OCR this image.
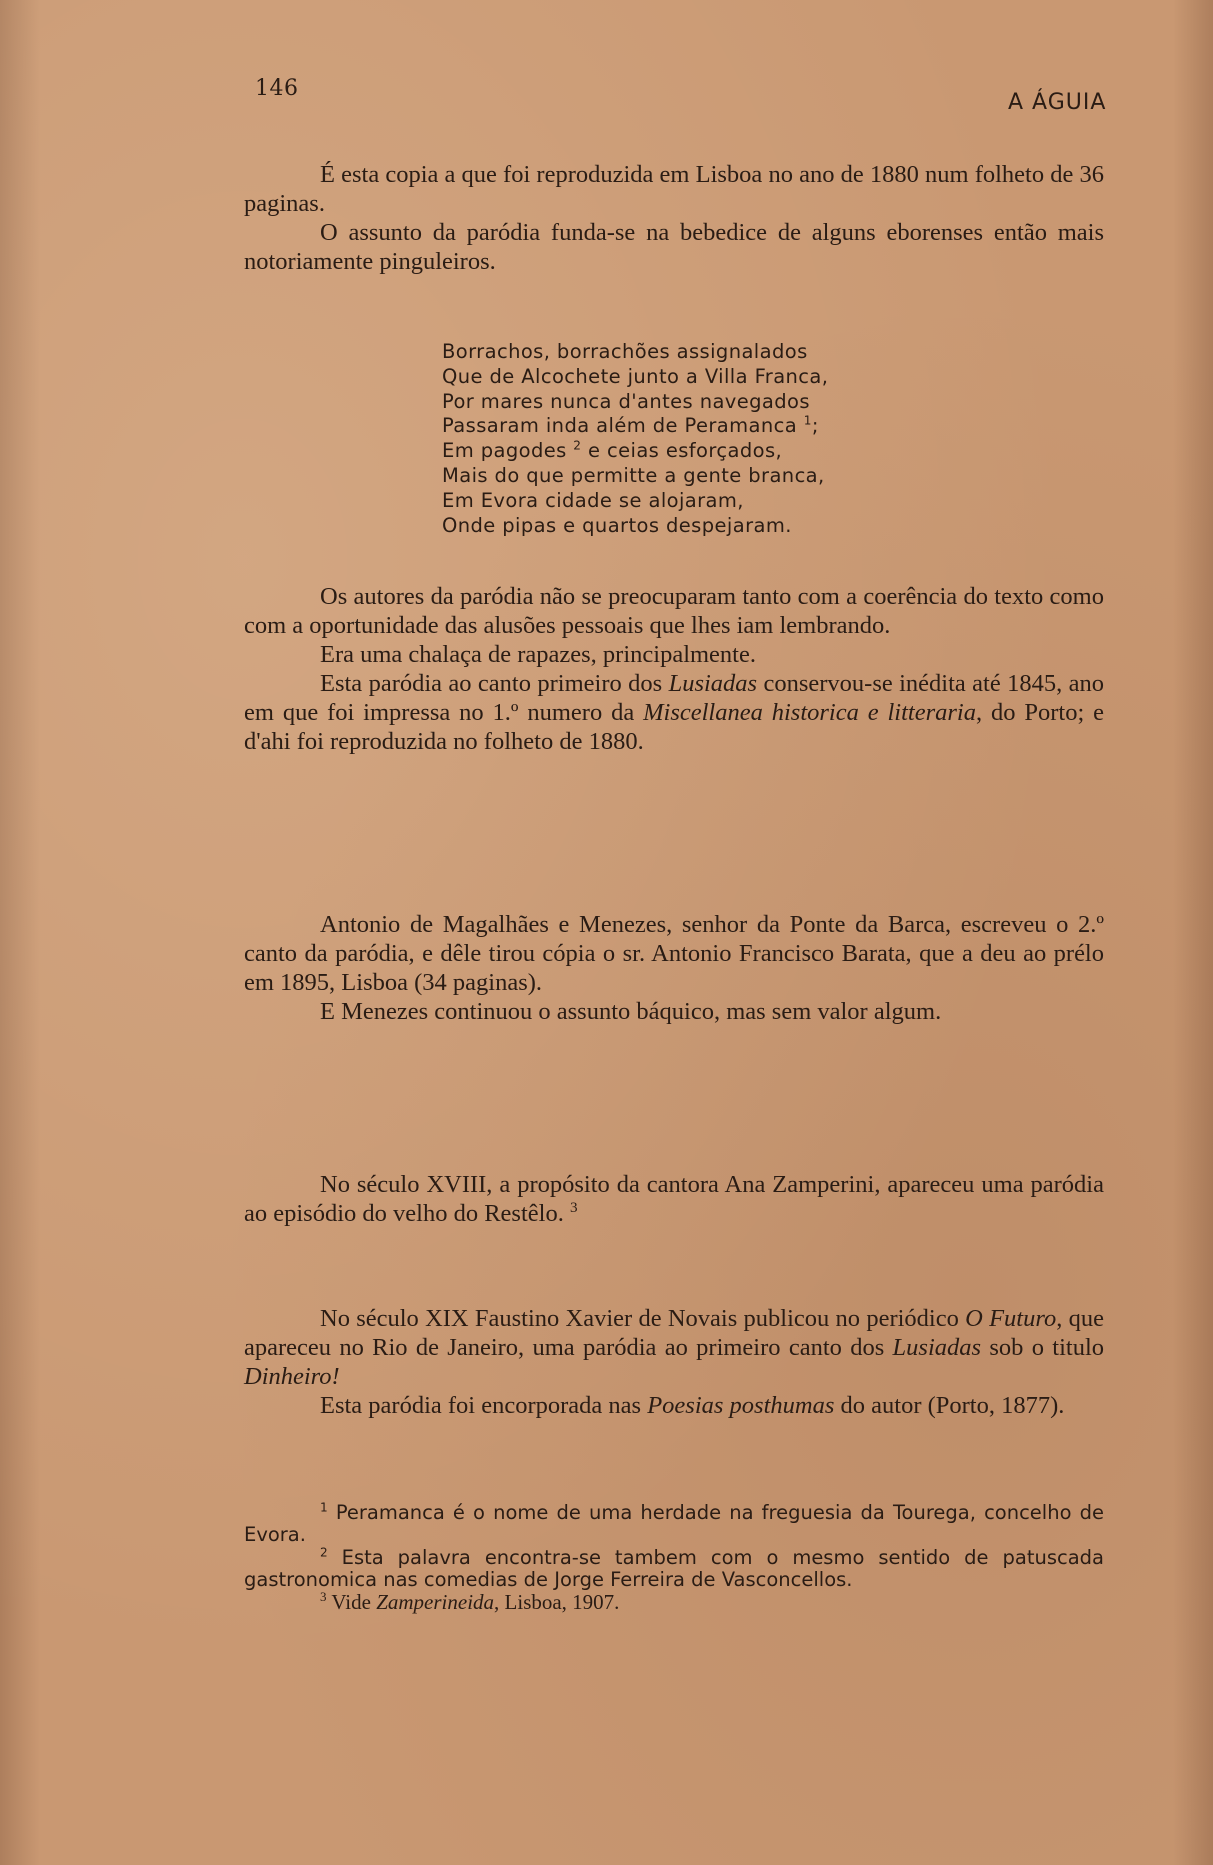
146
A ÁGUIA

É esta copia a que foi reproduzida em Lisboa no ano de 1880 num folheto de 36 paginas.

O assunto da paródia funda-se na bebedice de alguns eborenses então mais notoriamente pinguleiros.

Borrachos, borrachões assignalados
Que de Alcochete junto a Villa Franca,
Por mares nunca d'antes navegados
Passaram inda além de Peramanca $^1$;
Em pagodes $^2$ e ceias esforçados,
Mais do que permitte a gente branca,
Em Evora cidade se alojaram,
Onde pipas e quartos despejaram.

Os autores da paródia não se preocuparam tanto com a coerência do texto como com a oportunidade das alusões pessoais que lhes iam lembrando.

Era uma chalaça de rapazes, principalmente.

Esta paródia ao canto primeiro dos Lusiadas conservou-se inédita até 1845, ano em que foi impressa no 1.º numero da Miscellanea historica e litteraria, do Porto; e d'ahi foi reproduzida no folheto de 1880.

Antonio de Magalhães e Menezes, senhor da Ponte da Barca, escreveu o 2.º canto da paródia, e dêle tirou cópia o sr. Antonio Francisco Barata, que a deu ao prélo em 1895, Lisboa (34 paginas).

E Menezes continuou o assunto báquico, mas sem valor algum.

No século XVIII, a propósito da cantora Ana Zamperini, apareceu uma paródia ao episódio do velho do Restêlo. $^3$

No século XIX Faustino Xavier de Novais publicou no periódico O Futuro, que apareceu no Rio de Janeiro, uma paródia ao primeiro canto dos Lusiadas sob o titulo Dinheiro!

Esta paródia foi encorporada nas Poesias posthumas do autor (Porto, 1877).

$^1$ Peramanca é o nome de uma herdade na freguesia da Tourega, concelho de Evora.

$^2$ Esta palavra encontra-se tambem com o mesmo sentido de patuscada gastronomica nas comedias de Jorge Ferreira de Vasconcellos.

$^3$ Vide Zamperineida, Lisboa, 1907.
